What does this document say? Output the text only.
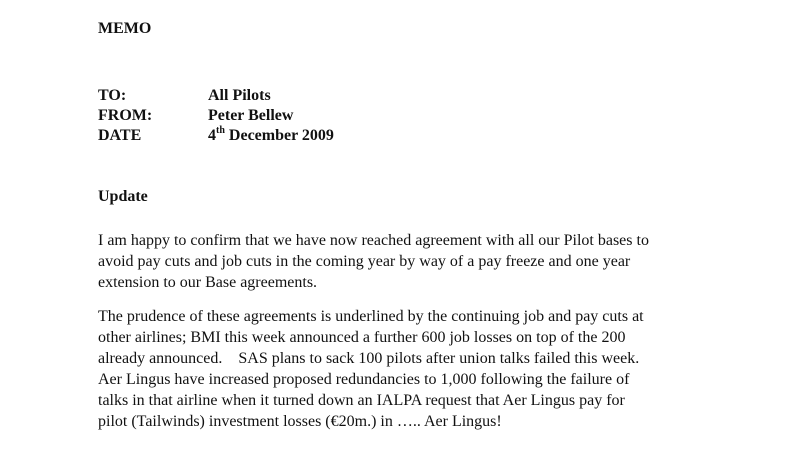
MEMO
TO:	All Pilots
FROM:	Peter Bellew
DATE	4th December 2009
Update

I am happy to confirm that we have now reached agreement with all our Pilot bases to
avoid pay cuts and job cuts in the coming year by way of a pay freeze and one year
extension to our Base agreements.

The prudence of these agreements is underlined by the continuing job and pay cuts at
other airlines; BMI this week announced a further 600 job losses on top of the 200
already announced.    SAS plans to sack 100 pilots after union talks failed this week.
Aer Lingus have increased proposed redundancies to 1,000 following the failure of
talks in that airline when it turned down an IALPA request that Aer Lingus pay for
pilot (Tailwinds) investment losses (€20m.) in ….. Aer Lingus!
